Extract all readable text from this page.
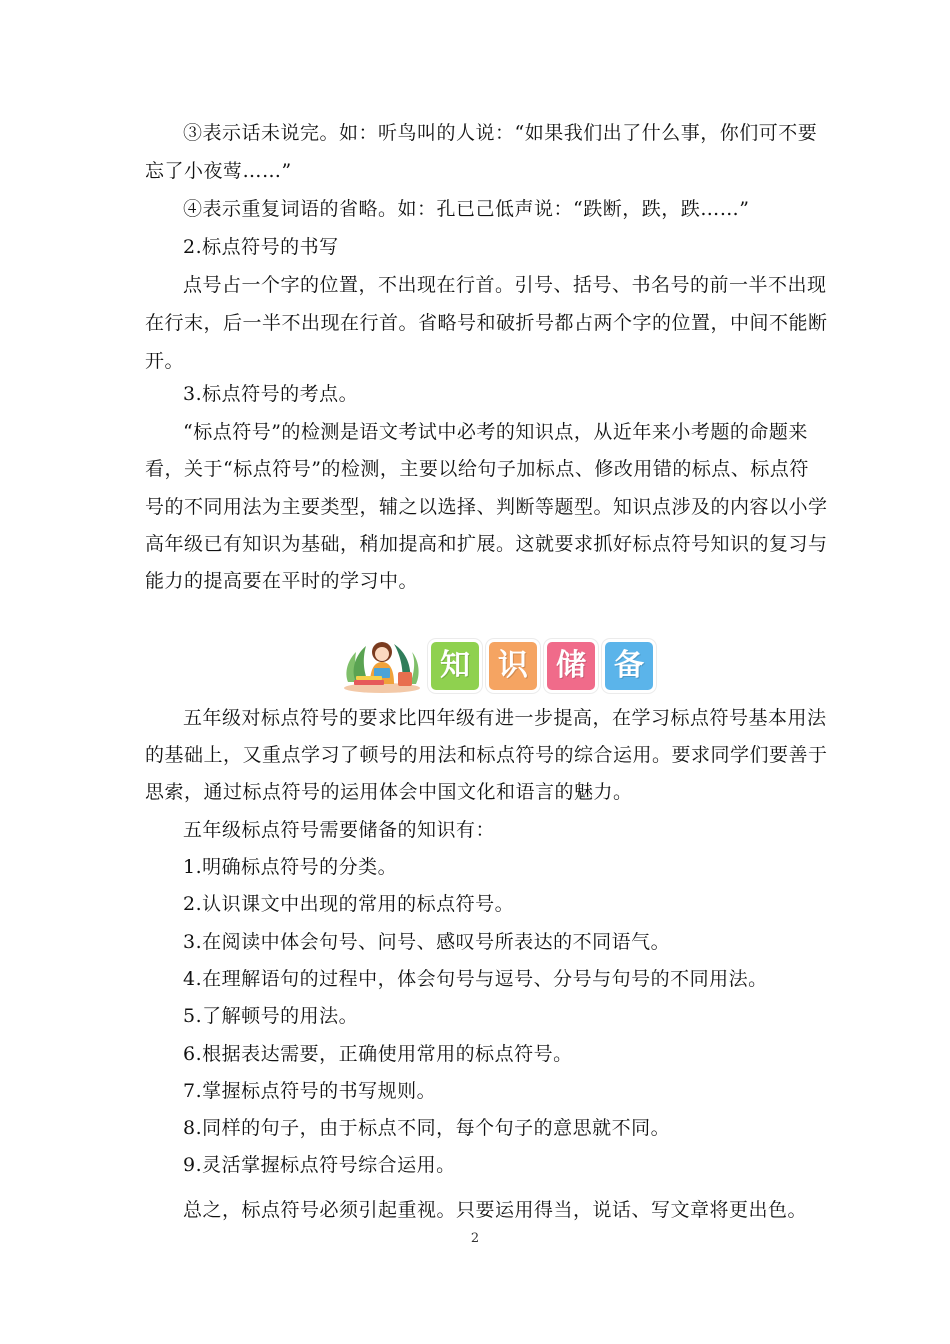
③表示话未说完。如：听鸟叫的人说：“如果我们出了什么事，你们可不要
忘了小夜莺……”
④表示重复词语的省略。如：孔已己低声说：“跌断，跌，跌……”
2.标点符号的书写
点号占一个字的位置，不出现在行首。引号、括号、书名号的前一半不出现
在行末，后一半不出现在行首。省略号和破折号都占两个字的位置，中间不能断
开。
3.标点符号的考点。
“标点符号”的检测是语文考试中必考的知识点，从近年来小考题的命题来
看，关于“标点符号”的检测，主要以给句子加标点、修改用错的标点、标点符
号的不同用法为主要类型，辅之以选择、判断等题型。知识点涉及的内容以小学
高年级已有知识为基础，稍加提高和扩展。这就要求抓好标点符号知识的复习与
能力的提高要在平时的学习中。
知 识 储 备
五年级对标点符号的要求比四年级有进一步提高，在学习标点符号基本用法
的基础上，又重点学习了顿号的用法和标点符号的综合运用。要求同学们要善于
思索，通过标点符号的运用体会中国文化和语言的魅力。
五年级标点符号需要储备的知识有：
1.明确标点符号的分类。
2.认识课文中出现的常用的标点符号。
3.在阅读中体会句号、问号、感叹号所表达的不同语气。
4.在理解语句的过程中，体会句号与逗号、分号与句号的不同用法。
5.了解顿号的用法。
6.根据表达需要，正确使用常用的标点符号。
7.掌握标点符号的书写规则。
8.同样的句子，由于标点不同，每个句子的意思就不同。
9.灵活掌握标点符号综合运用。
总之，标点符号必须引起重视。只要运用得当，说话、写文章将更出色。
2
